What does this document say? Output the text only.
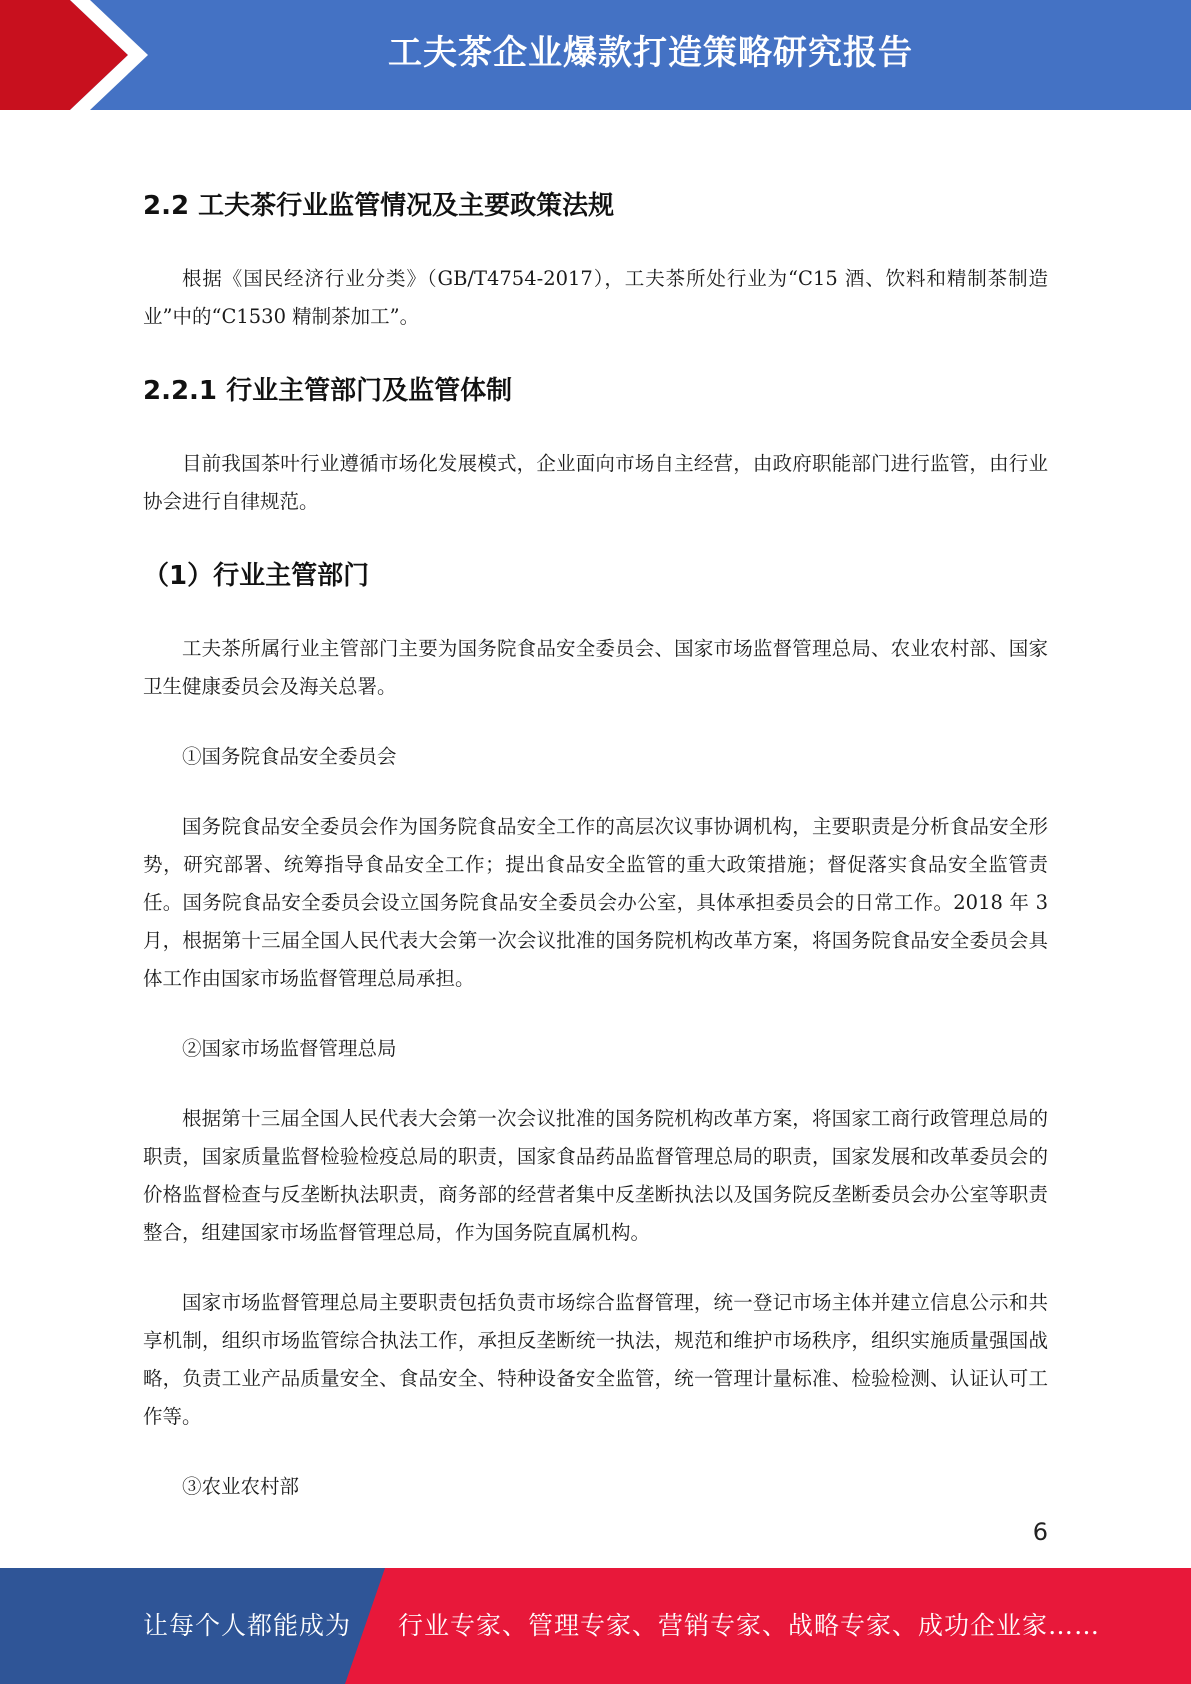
工夫茶企业爆款打造策略研究报告
2.2 工夫茶行业监管情况及主要政策法规

根据《国民经济行业分类》（GB/T4754-2017），工夫茶所处行业为“C15 酒、饮料和精制茶制造业”中的“C1530 精制茶加工”。

2.2.1 行业主管部门及监管体制

目前我国茶叶行业遵循市场化发展模式，企业面向市场自主经营，由政府职能部门进行监管，由行业协会进行自律规范。

（1）行业主管部门

工夫茶所属行业主管部门主要为国务院食品安全委员会、国家市场监督管理总局、农业农村部、国家卫生健康委员会及海关总署。

①国务院食品安全委员会

国务院食品安全委员会作为国务院食品安全工作的高层次议事协调机构，主要职责是分析食品安全形势，研究部署、统筹指导食品安全工作；提出食品安全监管的重大政策措施；督促落实食品安全监管责任。国务院食品安全委员会设立国务院食品安全委员会办公室，具体承担委员会的日常工作。2018 年 3 月，根据第十三届全国人民代表大会第一次会议批准的国务院机构改革方案，将国务院食品安全委员会具体工作由国家市场监督管理总局承担。

②国家市场监督管理总局

根据第十三届全国人民代表大会第一次会议批准的国务院机构改革方案，将国家工商行政管理总局的职责，国家质量监督检验检疫总局的职责，国家食品药品监督管理总局的职责，国家发展和改革委员会的价格监督检查与反垄断执法职责，商务部的经营者集中反垄断执法以及国务院反垄断委员会办公室等职责整合，组建国家市场监督管理总局，作为国务院直属机构。

国家市场监督管理总局主要职责包括负责市场综合监督管理，统一登记市场主体并建立信息公示和共享机制，组织市场监管综合执法工作，承担反垄断统一执法，规范和维护市场秩序，组织实施质量强国战略，负责工业产品质量安全、食品安全、特种设备安全监管，统一管理计量标准、检验检测、认证认可工作等。

③农业农村部

6
让每个人都能成为 行业专家、管理专家、营销专家、战略专家、成功企业家……
